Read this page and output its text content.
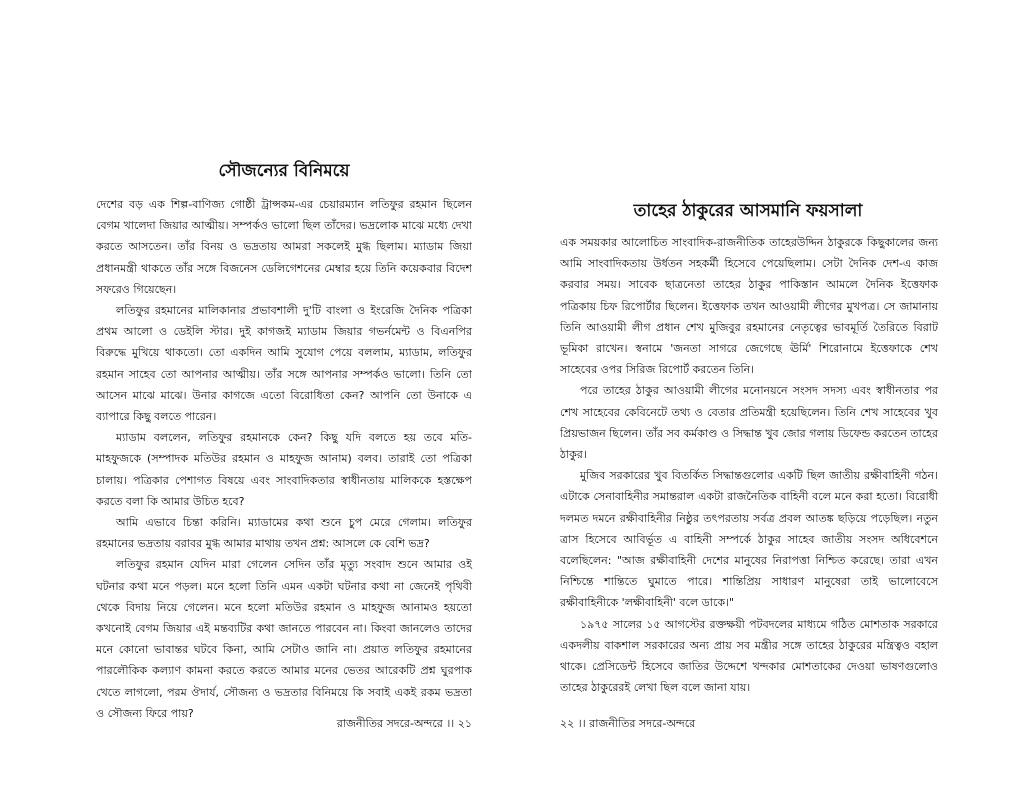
সৌজন্যের বিনিময়ে

দেশের বড় এক শিল্প-বাণিজ্য গোষ্ঠী ট্রান্সকম-এর চেয়ারম্যান লতিফুর রহমান ছিলেন বেগম খালেদা জিয়ার আত্মীয়। সম্পর্কও ভালো ছিল তাঁদের। ভদ্রলোক মাঝে মধ্যে দেখা করতে আসতেন। তাঁর বিনয় ও ভদ্রতায় আমরা সকলেই মুগ্ধ ছিলাম। ম্যাডাম জিয়া প্রধানমন্ত্রী থাকতে তাঁর সঙ্গে বিজনেস ডেলিগেশনের মেম্বার হয়ে তিনি কয়েকবার বিদেশ সফরেও গিয়েছেন।

লতিফুর রহমানের মালিকানার প্রভাবশালী দু'টি বাংলা ও ইংরেজি দৈনিক পত্রিকা প্রথম আলো ও ডেইলি স্টার। দুই কাগজই ম্যাডাম জিয়ার গভর্নমেন্ট ও বিএনপির বিরুদ্ধে মুখিয়ে থাকতো। তো একদিন আমি সুযোগ পেয়ে বললাম, ম্যাডাম, লতিফুর রহমান সাহেব তো আপনার আত্মীয়। তাঁর সঙ্গে আপনার সম্পর্কও ভালো। তিনি তো আসেন মাঝে মাঝে। উনার কাগজে এতো বিরোধিতা কেন? আপনি তো উনাকে এ ব্যাপারে কিছু বলতে পারেন।

ম্যাডাম বললেন, লতিফুর রহমানকে কেন? কিছু যদি বলতে হয় তবে মতি-মাহফুজকে (সম্পাদক মতিউর রহমান ও মাহফুজ আনাম) বলব। তারাই তো পত্রিকা চালায়। পত্রিকার পেশাগত বিষয়ে এবং সাংবাদিকতার স্বাধীনতায় মালিককে হস্তক্ষেপ করতে বলা কি আমার উচিত হবে?

আমি এভাবে চিন্তা করিনি। ম্যাডামের কথা শুনে চুপ মেরে গেলাম। লতিফুর রহমানের ভদ্রতায় বরাবর মুগ্ধ আমার মাথায় তখন প্রশ্ন: আসলে কে বেশি ভদ্র?

লতিফুর রহমান যেদিন মারা গেলেন সেদিন তাঁর মৃত্যু সংবাদ শুনে আমার ওই ঘটনার কথা মনে পড়ল। মনে হলো তিনি এমন একটা ঘটনার কথা না জেনেই পৃথিবী থেকে বিদায় নিয়ে গেলেন। মনে হলো মতিউর রহমান ও মাহফুজ আনামও হয়তো কখনোই বেগম জিয়ার এই মন্তব্যটির কথা জানতে পারবেন না। কিংবা জানলেও তাদের মনে কোনো ভাবান্তর ঘটবে কিনা, আমি সেটাও জানি না। প্রয়াত লতিফুর রহমানের পারলৌকিক কল্যাণ কামনা করতে করতে আমার মনের ভেতর আরেকটি প্রশ্ন ঘুরপাক খেতে লাগলো, পরম ঔদার্য, সৌজন্য ও ভদ্রতার বিনিময়ে কি সবাই একই রকম ভদ্রতা ও সৌজন্য ফিরে পায়?

রাজনীতির সদরে-অন্দরে ।। ২১
তাহের ঠাকুরের আসমানি ফয়সালা

এক সময়কার আলোচিত সাংবাদিক-রাজনীতিক তাহেরউদ্দিন ঠাকুরকে কিছুকালের জন্য আমি সাংবাদিকতায় উর্ধতন সহকর্মী হিসেবে পেয়েছিলাম। সেটা দৈনিক দেশ-এ কাজ করবার সময়। সাবেক ছাত্রনেতা তাহের ঠাকুর পাকিস্তান আমলে দৈনিক ইত্তেফাক পত্রিকায় চিফ রিপোর্টার ছিলেন। ইত্তেফাক তখন আওয়ামী লীগের মুখপত্র। সে জামানায় তিনি আওয়ামী লীগ প্রধান শেখ মুজিবুর রহমানের নেতৃত্বের ভাবমূর্তি তৈরিতে বিরাট ভূমিকা রাখেন। স্বনামে 'জনতা সাগরে জেগেছে ঊর্মি' শিরোনামে ইত্তেফাকে শেখ সাহেবের ওপর সিরিজ রিপোর্ট করতেন তিনি।

পরে তাহের ঠাকুর আওয়ামী লীগের মনোনয়নে সংসদ সদস্য এবং স্বাধীনতার পর শেখ সাহেবের কেবিনেটে তথ্য ও বেতার প্রতিমন্ত্রী হয়েছিলেন। তিনি শেখ সাহেবের খুব প্রিয়ভাজন ছিলেন। তাঁর সব কর্মকাণ্ড ও সিদ্ধান্ত খুব জোর গলায় ডিফেন্ড করতেন তাহের ঠাকুর।

মুজিব সরকারের খুব বিতর্কিত সিদ্ধান্তগুলোর একটি ছিল জাতীয় রক্ষীবাহিনী গঠন। এটাকে সেনাবাহিনীর সমান্তরাল একটা রাজনৈতিক বাহিনী বলে মনে করা হতো। বিরোধী দলমত দমনে রক্ষীবাহিনীর নিষ্ঠুর তৎপরতায় সর্বত্র প্রবল আতঙ্ক ছড়িয়ে পড়েছিল। নতুন ত্রাস হিসেবে আবির্ভূত এ বাহিনী সম্পর্কে ঠাকুর সাহেব জাতীয় সংসদ অধিবেশনে বলেছিলেন: "আজ রক্ষীবাহিনী দেশের মানুষের নিরাপত্তা নিশ্চিত করেছে। তারা এখন নিশ্চিন্তে শান্তিতে ঘুমাতে পারে। শান্তিপ্রিয় সাধারণ মানুষেরা তাই ভালোবেসে রক্ষীবাহিনীকে 'লক্ষীবাহিনী' বলে ডাকে।"

১৯৭৫ সালের ১৫ আগস্টের রক্তক্ষয়ী পটবদলের মাধ্যমে গঠিত মোশতাক সরকারে একদলীয় বাকশাল সরকারের অন্য প্রায় সব মন্ত্রীর সঙ্গে তাহের ঠাকুরের মন্ত্রিত্বও বহাল থাকে। প্রেসিডেন্ট হিসেবে জাতির উদ্দেশে খন্দকার মোশতাকের দেওয়া ভাষণগুলোও তাহের ঠাকুরেরই লেখা ছিল বলে জানা যায়।

২২ ।। রাজনীতির সদরে-অন্দরে
